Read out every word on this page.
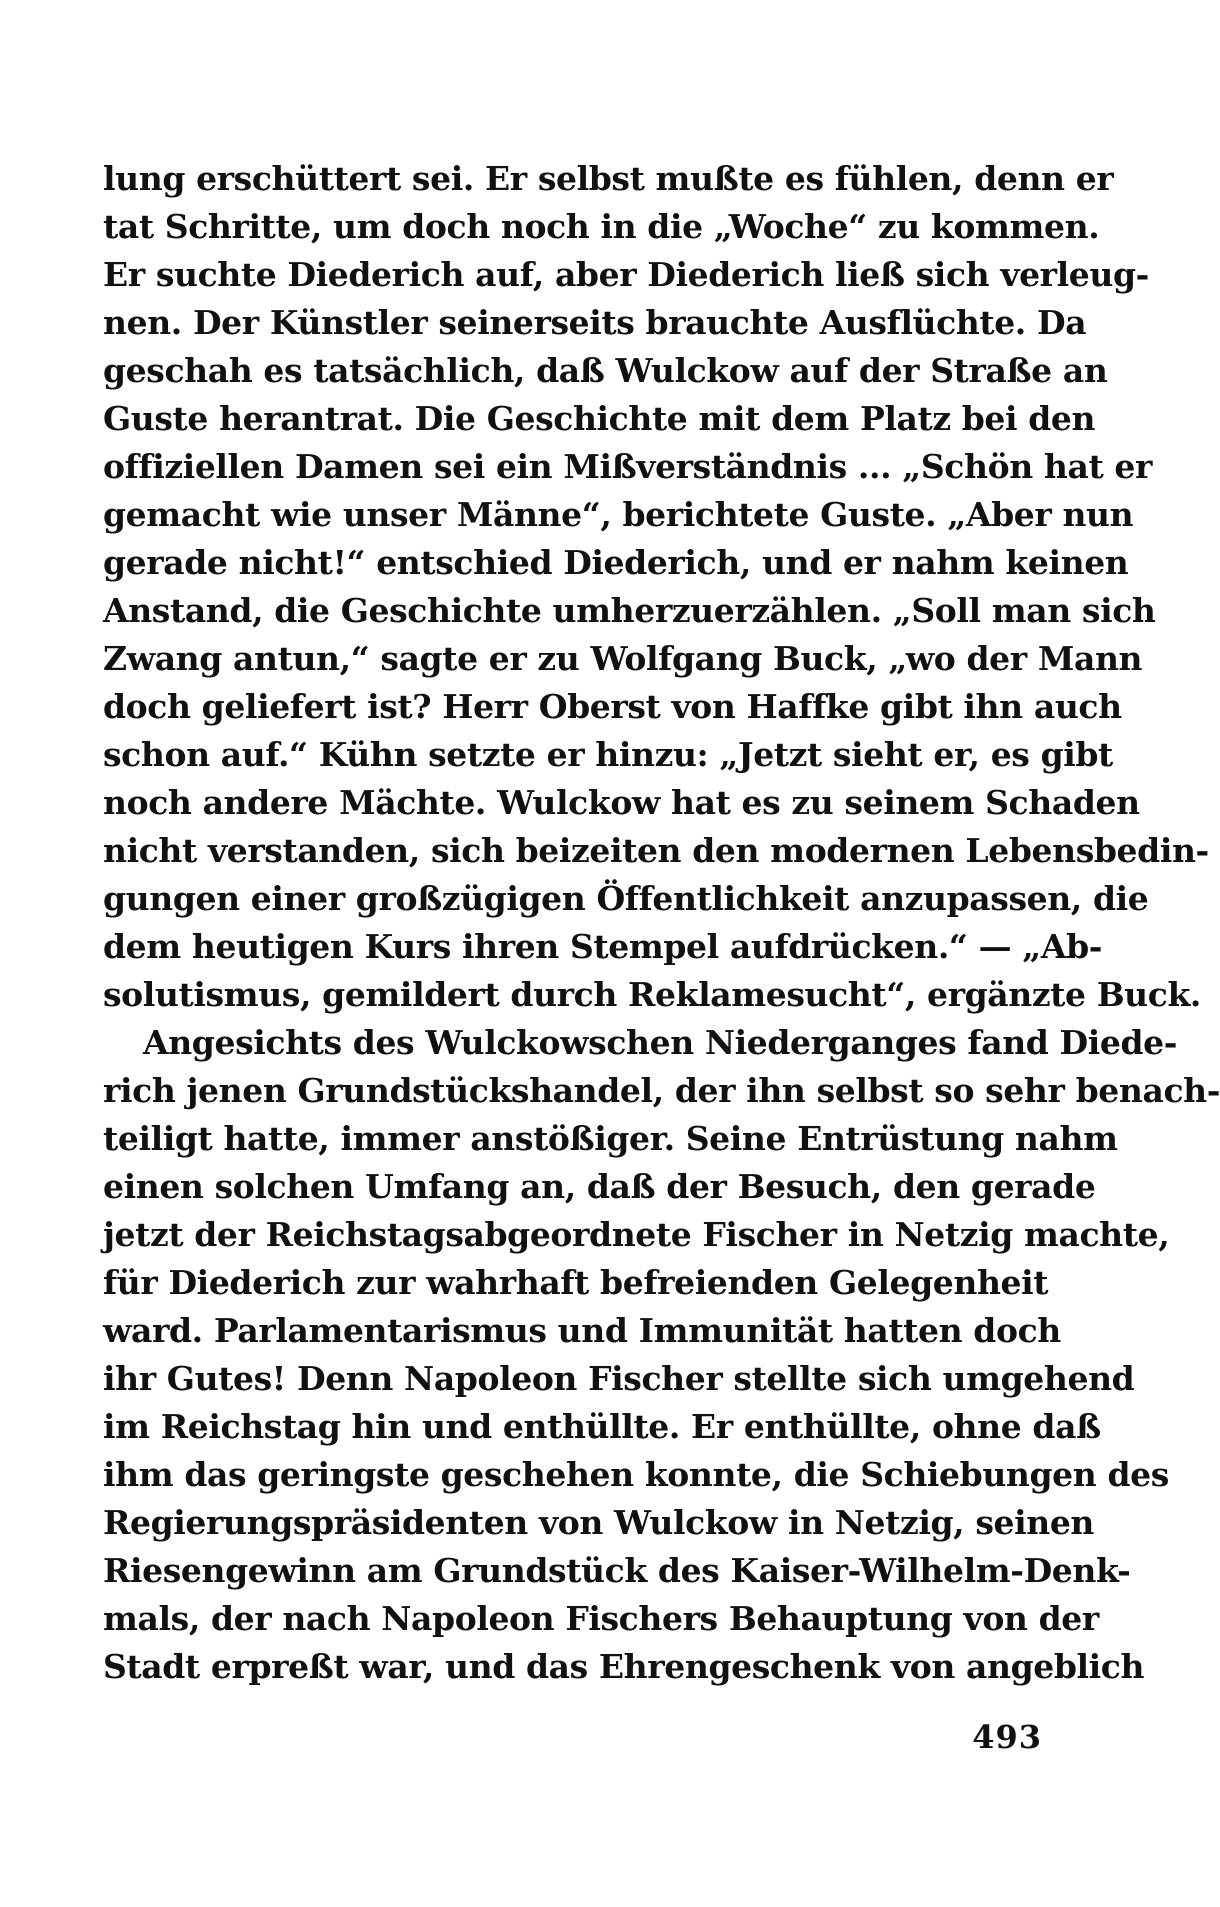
lung erschüttert sei. Er selbst mußte es fühlen, denn er
tat Schritte, um doch noch in die „Woche“ zu kommen.
Er suchte Diederich auf, aber Diederich ließ sich verleug-
nen. Der Künstler seinerseits brauchte Ausflüchte. Da
geschah es tatsächlich, daß Wulckow auf der Straße an
Guste herantrat. Die Geschichte mit dem Platz bei den
offiziellen Damen sei ein Mißverständnis ... „Schön hat er
gemacht wie unser Männe“, berichtete Guste. „Aber nun
gerade nicht!“ entschied Diederich, und er nahm keinen
Anstand, die Geschichte umherzuerzählen. „Soll man sich
Zwang antun,“ sagte er zu Wolfgang Buck, „wo der Mann
doch geliefert ist? Herr Oberst von Haffke gibt ihn auch
schon auf.“ Kühn setzte er hinzu: „Jetzt sieht er, es gibt
noch andere Mächte. Wulckow hat es zu seinem Schaden
nicht verstanden, sich beizeiten den modernen Lebensbedin-
gungen einer großzügigen Öffentlichkeit anzupassen, die
dem heutigen Kurs ihren Stempel aufdrücken.“ — „Ab-
solutismus, gemildert durch Reklamesucht“, ergänzte Buck.
Angesichts des Wulckowschen Niederganges fand Diede-
rich jenen Grundstückshandel, der ihn selbst so sehr benach-
teiligt hatte, immer anstößiger. Seine Entrüstung nahm
einen solchen Umfang an, daß der Besuch, den gerade
jetzt der Reichstagsabgeordnete Fischer in Netzig machte,
für Diederich zur wahrhaft befreienden Gelegenheit
ward. Parlamentarismus und Immunität hatten doch
ihr Gutes! Denn Napoleon Fischer stellte sich umgehend
im Reichstag hin und enthüllte. Er enthüllte, ohne daß
ihm das geringste geschehen konnte, die Schiebungen des
Regierungspräsidenten von Wulckow in Netzig, seinen
Riesengewinn am Grundstück des Kaiser-Wilhelm-Denk-
mals, der nach Napoleon Fischers Behauptung von der
Stadt erpreßt war, und das Ehrengeschenk von angeblich
493
